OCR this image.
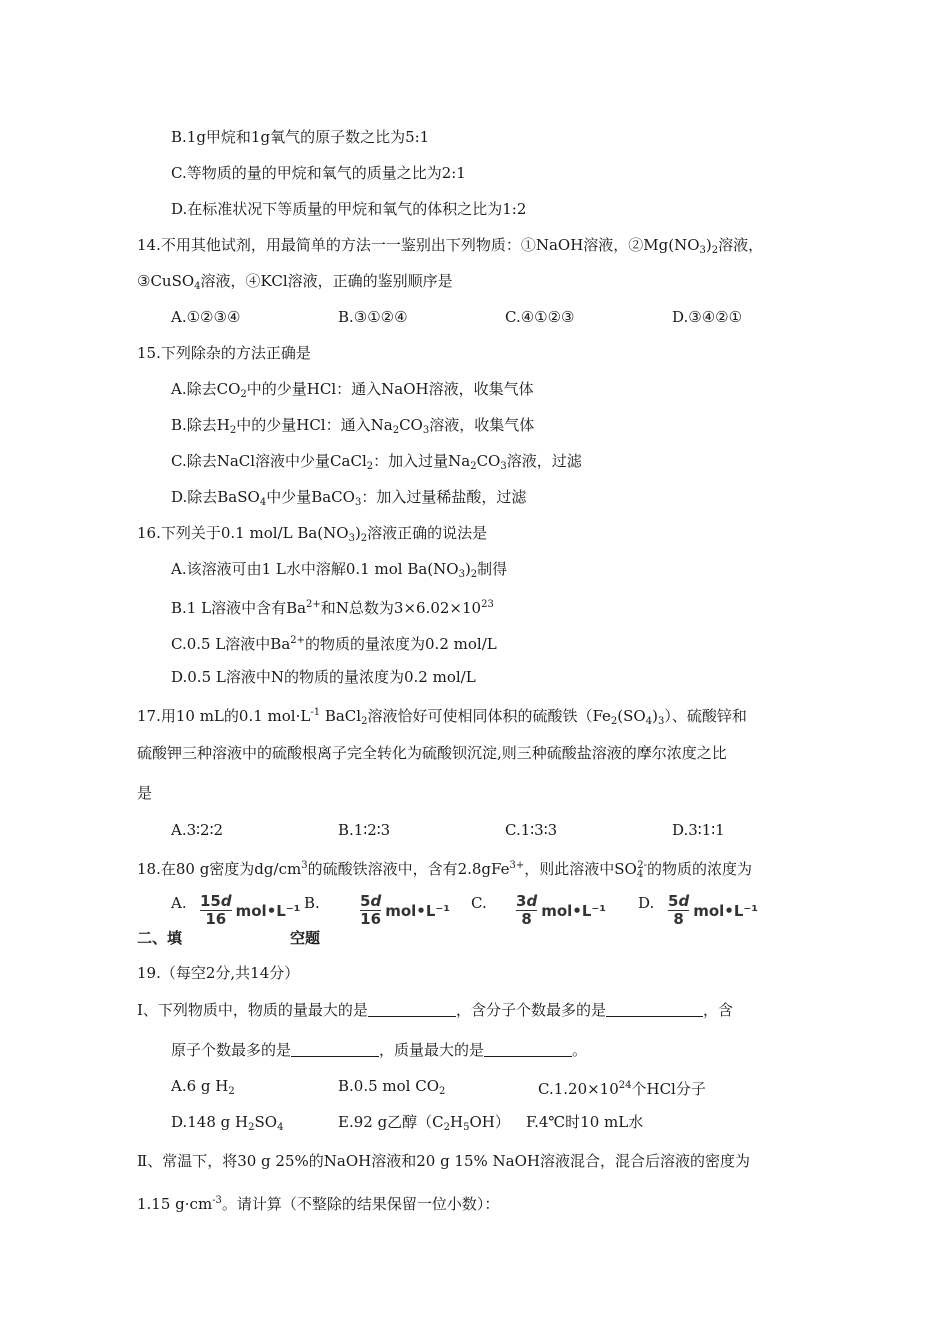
B.1g甲烷和1g氧气的原子数之比为5:1
C.等物质的量的甲烷和氧气的质量之比为2:1
D.在标准状况下等质量的甲烷和氧气的体积之比为1:2
14.不用其他试剂，用最简单的方法一一鉴别出下列物质：①NaOH溶液，$②Mg(NO_3)_2$溶液，
③CuSO$_4$溶液，④KCl溶液，正确的鉴别顺序是
A.①②③④	B.③①②④	C.④①②③	D.③④②①
15.下列除杂的方法正确是
A.除去$CO_2$中的少量HCl：通入NaOH溶液，收集气体
B.除去$H_2$中的少量HCl：通入$Na_2CO_3$溶液，收集气体
C.除去NaCl溶液中少量CaCl$_2$：加入过量$Na_2CO_3$溶液，过滤
D.除去BaSO$_4$中少量BaCO$_3$：加入过量稀盐酸，过滤
16.下列关于0.1 mol/L $Ba(NO_3)_2$溶液正确的说法是
A.该溶液可由1 L水中溶解0.1 mol $Ba(NO_3)_2$制得
B.1 L溶液中含有$Ba^{2+}$和N总数为$3\times 6.02\times 10^{23}$
C.0.5 L溶液中$Ba^{2+}$的物质的量浓度为0.2 mol/L
D.0.5 L溶液中N的物质的量浓度为0.2 mol/L
17.用10 mL的0.1 $mol\cdot L^{-1}$ BaCl$_2$溶液恰好可使相同体积的硫酸铁$(Fe_2(SO_4)_3)$、硫酸锌和
硫酸钾三种溶液中的硫酸根离子完全转化为硫酸钡沉淀,则三种硫酸盐溶液的摩尔浓度之比
是
A.3∶2∶2	B.1∶2∶3	C.1∶3∶3	D.3∶1∶1
18.在80 g密度为$dg/cm^3$的硫酸铁溶液中，含有2.8gFe$^{3+}$，则此溶液中$SO_4^{2-}$的物质的浓度为
A. $\frac{15d}{16}$ mol•L⁻¹ B.	$\frac{5d}{16}$ mol•L⁻¹ C. $\frac{3d}{8}$ mol•L⁻¹ D. $\frac{5d}{8}$ mol•L⁻¹
二、填	空题
19.（每空2分,共14分）
Ⅰ、下列物质中，物质的量最大的是	，含分子个数最多的是	，含
原子个数最多的是	，质量最大的是	。
A.6 g $H_2$	B.0.5 mol $CO_2$	$C.1.20\times 10^{24}$个HCl分子
D.148 g $H_2SO_4$	E.92 g乙醇$(C_2H_5OH)$ F.4℃时10 mL水
Ⅱ、常温下，将30 g 25%的NaOH溶液和20 g 15% NaOH溶液混合，混合后溶液的密度为
1.15 $g\cdot cm^{-3}$。请计算（不整除的结果保留一位小数）：
